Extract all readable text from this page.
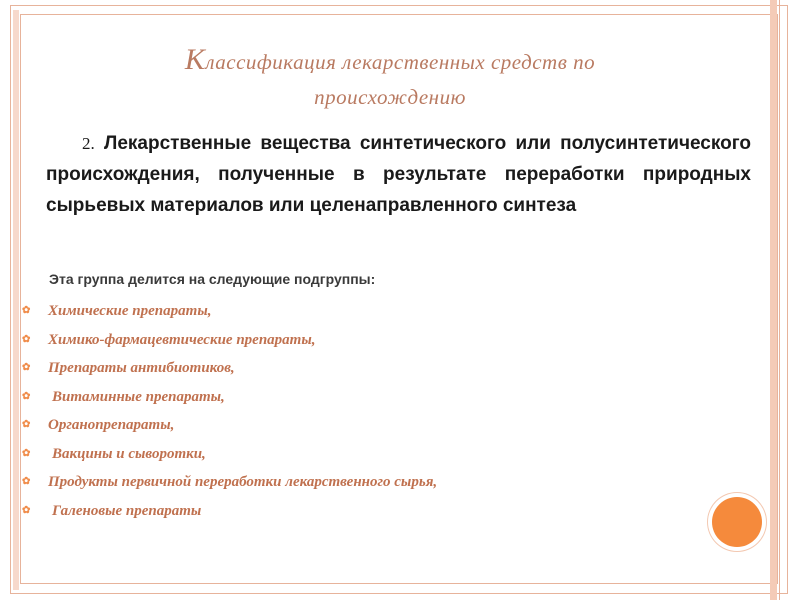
Классификация лекарственных средств по
происхождению
2. Лекарственные вещества синтетического или полусинтетического происхождения, полученные в результате переработки природных сырьевых материалов или целенаправленного синтеза
Эта группа делится на следующие подгруппы:
✿	Химические препараты,
✿	Химико-фармацевтические препараты,
✿	Препараты антибиотиков,
✿	Витаминные препараты,
✿	Органопрепараты,
✿	Вакцины и сыворотки,
✿	Продукты первичной переработки лекарственного сырья,
✿	Галеновые препараты
